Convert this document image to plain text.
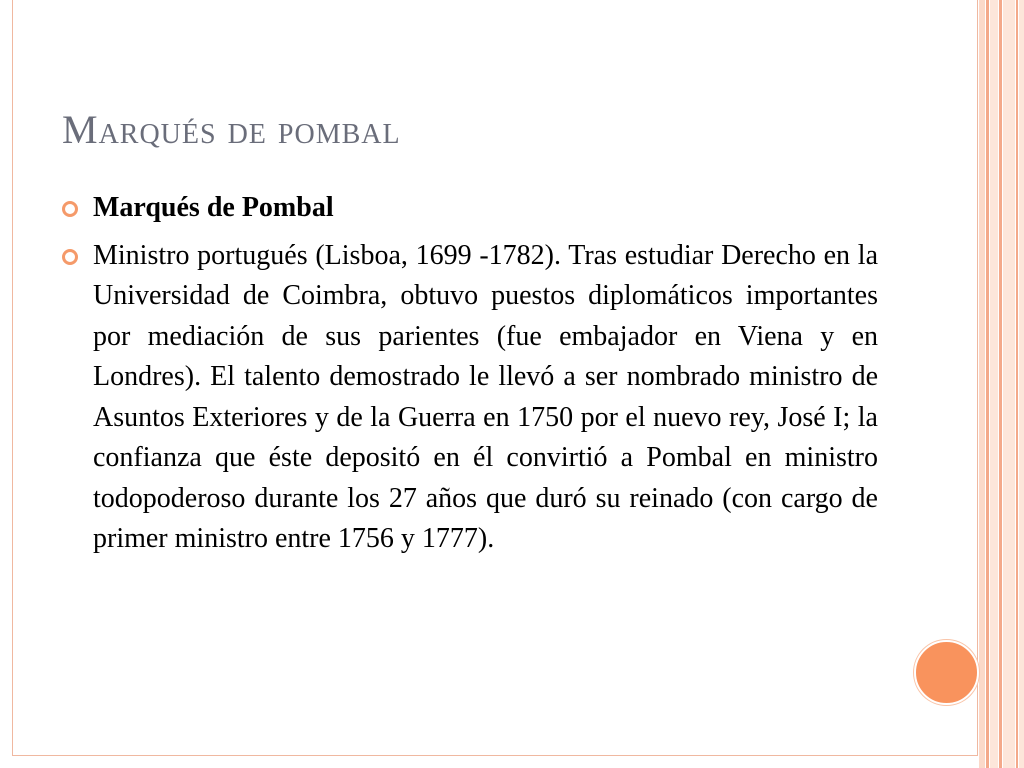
Marqués de pombal
Marqués de Pombal
Ministro portugués (Lisboa, 1699 -1782). Tras estudiar Derecho en la Universidad de Coimbra, obtuvo puestos diplomáticos importantes por mediación de sus parientes (fue embajador en Viena y en Londres). El talento demostrado le llevó a ser nombrado ministro de Asuntos Exteriores y de la Guerra en 1750 por el nuevo rey, José I; la confianza que éste depositó en él convirtió a Pombal en ministro todopoderoso durante los 27 años que duró su reinado (con cargo de primer ministro entre 1756 y 1777).
